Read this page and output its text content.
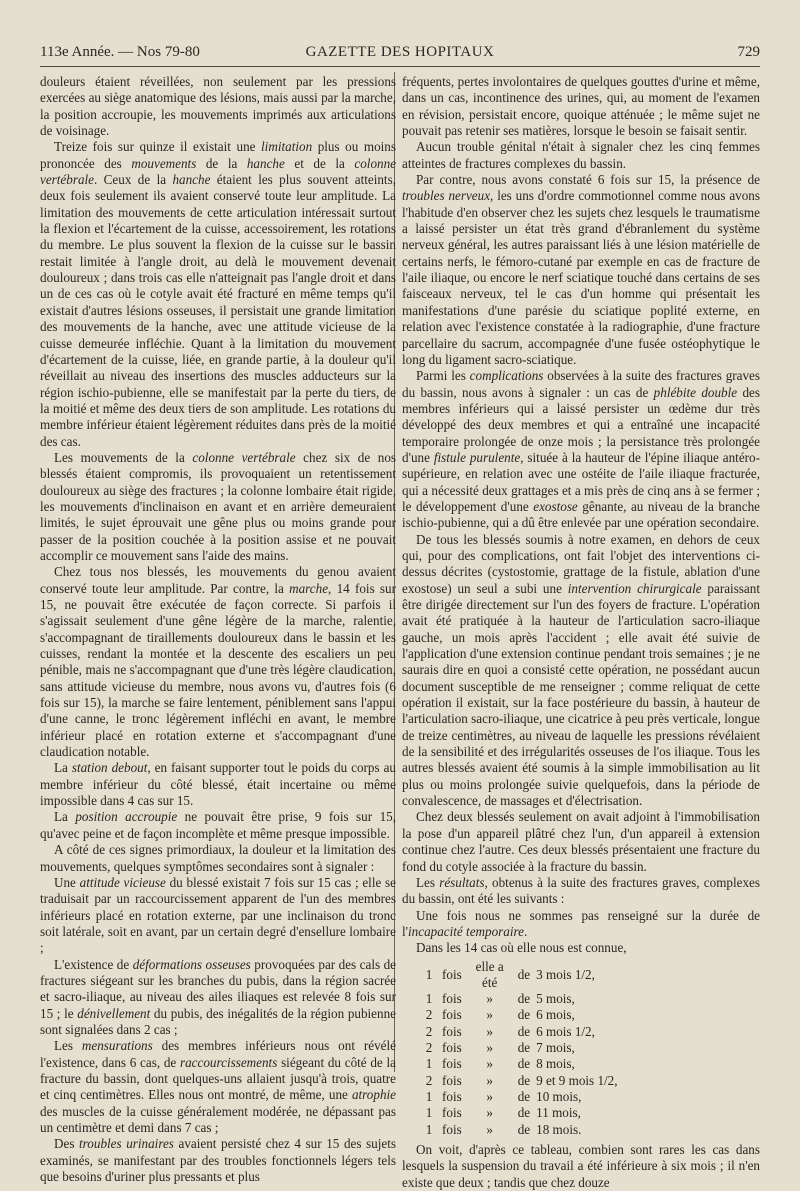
113e Année. — Nos 79-80	GAZETTE DES HOPITAUX	729

douleurs étaient réveillées, non seulement par les pressions exercées au siège anatomique des lésions, mais aussi par la marche, la position accroupie, les mouvements imprimés aux articulations de voisinage.

Treize fois sur quinze il existait une limitation plus ou moins prononcée des mouvements de la hanche et de la colonne vertébrale. Ceux de la hanche étaient les plus souvent atteints, deux fois seulement ils avaient conservé toute leur amplitude. La limitation des mouvements de cette articulation intéressait surtout la flexion et l'écartement de la cuisse, accessoirement, les rotations du membre. Le plus souvent la flexion de la cuisse sur le bassin restait limitée à l'angle droit, au delà le mouvement devenait douloureux ; dans trois cas elle n'atteignait pas l'angle droit et dans un de ces cas où le cotyle avait été fracturé en même temps qu'il existait d'autres lésions osseuses, il persistait une grande limitation des mouvements de la hanche, avec une attitude vicieuse de la cuisse demeurée infléchie. Quant à la limitation du mouvement d'écartement de la cuisse, liée, en grande partie, à la douleur qu'il réveillait au niveau des insertions des muscles adducteurs sur la région ischio-pubienne, elle se manifestait par la perte du tiers, de la moitié et même des deux tiers de son amplitude. Les rotations du membre inférieur étaient légèrement réduites dans près de la moitié des cas.

Les mouvements de la colonne vertébrale chez six de nos blessés étaient compromis, ils provoquaient un retentissement douloureux au siège des fractures ; la colonne lombaire était rigide, les mouvements d'inclinaison en avant et en arrière demeuraient limités, le sujet éprouvait une gêne plus ou moins grande pour passer de la position couchée à la position assise et ne pouvait accomplir ce mouvement sans l'aide des mains.

Chez tous nos blessés, les mouvements du genou avaient conservé toute leur amplitude. Par contre, la marche, 14 fois sur 15, ne pouvait être exécutée de façon correcte. Si parfois il s'agissait seulement d'une gêne légère de la marche, ralentie, s'accompagnant de tiraillements douloureux dans le bassin et les cuisses, rendant la montée et la descente des escaliers un peu pénible, mais ne s'accompagnant que d'une très légère claudication, sans attitude vicieuse du membre, nous avons vu, d'autres fois (6 fois sur 15), la marche se faire lentement, péniblement sans l'appui d'une canne, le tronc légèrement infléchi en avant, le membre inférieur placé en rotation externe et s'accompagnant d'une claudication notable.

La station debout, en faisant supporter tout le poids du corps au membre inférieur du côté blessé, était incertaine ou même impossible dans 4 cas sur 15.

La position accroupie ne pouvait être prise, 9 fois sur 15, qu'avec peine et de façon incomplète et même presque impossible.

A côté de ces signes primordiaux, la douleur et la limitation des mouvements, quelques symptômes secondaires sont à signaler :

Une attitude vicieuse du blessé existait 7 fois sur 15 cas ; elle se traduisait par un raccourcissement apparent de l'un des membres inférieurs placé en rotation externe, par une inclinaison du tronc soit latérale, soit en avant, par un certain degré d'ensellure lombaire ;

L'existence de déformations osseuses provoquées par des cals de fractures siégeant sur les branches du pubis, dans la région sacrée et sacro-iliaque, au niveau des ailes iliaques est relevée 8 fois sur 15 ; le dénivellement du pubis, des inégalités de la région pubienne sont signalées dans 2 cas ;

Les mensurations des membres inférieurs nous ont révélé l'existence, dans 6 cas, de raccourcissements siégeant du côté de la fracture du bassin, dont quelques-uns allaient jusqu'à trois, quatre et cinq centimètres. Elles nous ont montré, de même, une atrophie des muscles de la cuisse généralement modérée, ne dépassant pas un centimètre et demi dans 7 cas ;

Des troubles urinaires avaient persisté chez 4 sur 15 des sujets examinés, se manifestant par des troubles fonctionnels légers tels que besoins d'uriner plus pressants et plus

fréquents, pertes involontaires de quelques gouttes d'urine et même, dans un cas, incontinence des urines, qui, au moment de l'examen en révision, persistait encore, quoique atténuée ; le même sujet ne pouvait pas retenir ses matières, lorsque le besoin se faisait sentir.

Aucun trouble génital n'était à signaler chez les cinq femmes atteintes de fractures complexes du bassin.

Par contre, nous avons constaté 6 fois sur 15, la présence de troubles nerveux, les uns d'ordre commotionnel comme nous avons l'habitude d'en observer chez les sujets chez lesquels le traumatisme a laissé persister un état très grand d'ébranlement du système nerveux général, les autres paraissant liés à une lésion matérielle de certains nerfs, le fémoro-cutané par exemple en cas de fracture de l'aile iliaque, ou encore le nerf sciatique touché dans certains de ses faisceaux nerveux, tel le cas d'un homme qui présentait les manifestations d'une parésie du sciatique poplité externe, en relation avec l'existence constatée à la radiographie, d'une fracture parcellaire du sacrum, accompagnée d'une fusée ostéophytique le long du ligament sacro-sciatique.

Parmi les complications observées à la suite des fractures graves du bassin, nous avons à signaler : un cas de phlébite double des membres inférieurs qui a laissé persister un œdème dur très développé des deux membres et qui a entraîné une incapacité temporaire prolongée de onze mois ; la persistance très prolongée d'une fistule purulente, située à la hauteur de l'épine iliaque antéro-supérieure, en relation avec une ostéite de l'aile iliaque fracturée, qui a nécessité deux grattages et a mis près de cinq ans à se fermer ; le développement d'une exostose gênante, au niveau de la branche ischio-pubienne, qui a dû être enlevée par une opération secondaire.

De tous les blessés soumis à notre examen, en dehors de ceux qui, pour des complications, ont fait l'objet des interventions ci-dessus décrites (cystostomie, grattage de la fistule, ablation d'une exostose) un seul a subi une intervention chirurgicale paraissant être dirigée directement sur l'un des foyers de fracture. L'opération avait été pratiquée à la hauteur de l'articulation sacro-iliaque gauche, un mois après l'accident ; elle avait été suivie de l'application d'une extension continue pendant trois semaines ; je ne saurais dire en quoi a consisté cette opération, ne possédant aucun document susceptible de me renseigner ; comme reliquat de cette opération il existait, sur la face postérieure du bassin, à hauteur de l'articulation sacro-iliaque, une cicatrice à peu près verticale, longue de treize centimètres, au niveau de laquelle les pressions révélaient de la sensibilité et des irrégularités osseuses de l'os iliaque. Tous les autres blessés avaient été soumis à la simple immobilisation au lit plus ou moins prolongée suivie quelquefois, dans la période de convalescence, de massages et d'électrisation.

Chez deux blessés seulement on avait adjoint à l'immobilisation la pose d'un appareil plâtré chez l'un, d'un appareil à extension continue chez l'autre. Ces deux blessés présentaient une fracture du fond du cotyle associée à la fracture du bassin.

Les résultats, obtenus à la suite des fractures graves, complexes du bassin, ont été les suivants :

Une fois nous ne sommes pas renseigné sur la durée de l'incapacité temporaire.

Dans les 14 cas où elle nous est connue,

1	fois	elle a été	de	3 mois 1/2,
1	fois	»	de	5 mois,
2	fois	»	de	6 mois,
2	fois	»	de	6 mois 1/2,
2	fois	»	de	7 mois,
1	fois	»	de	8 mois,
2	fois	»	de	9 et 9 mois 1/2,
1	fois	»	de	10 mois,
1	fois	»	de	11 mois,
1	fois	»	de	18 mois.

On voit, d'après ce tableau, combien sont rares les cas dans lesquels la suspension du travail a été inférieure à six mois ; il n'en existe que deux ; tandis que chez douze
